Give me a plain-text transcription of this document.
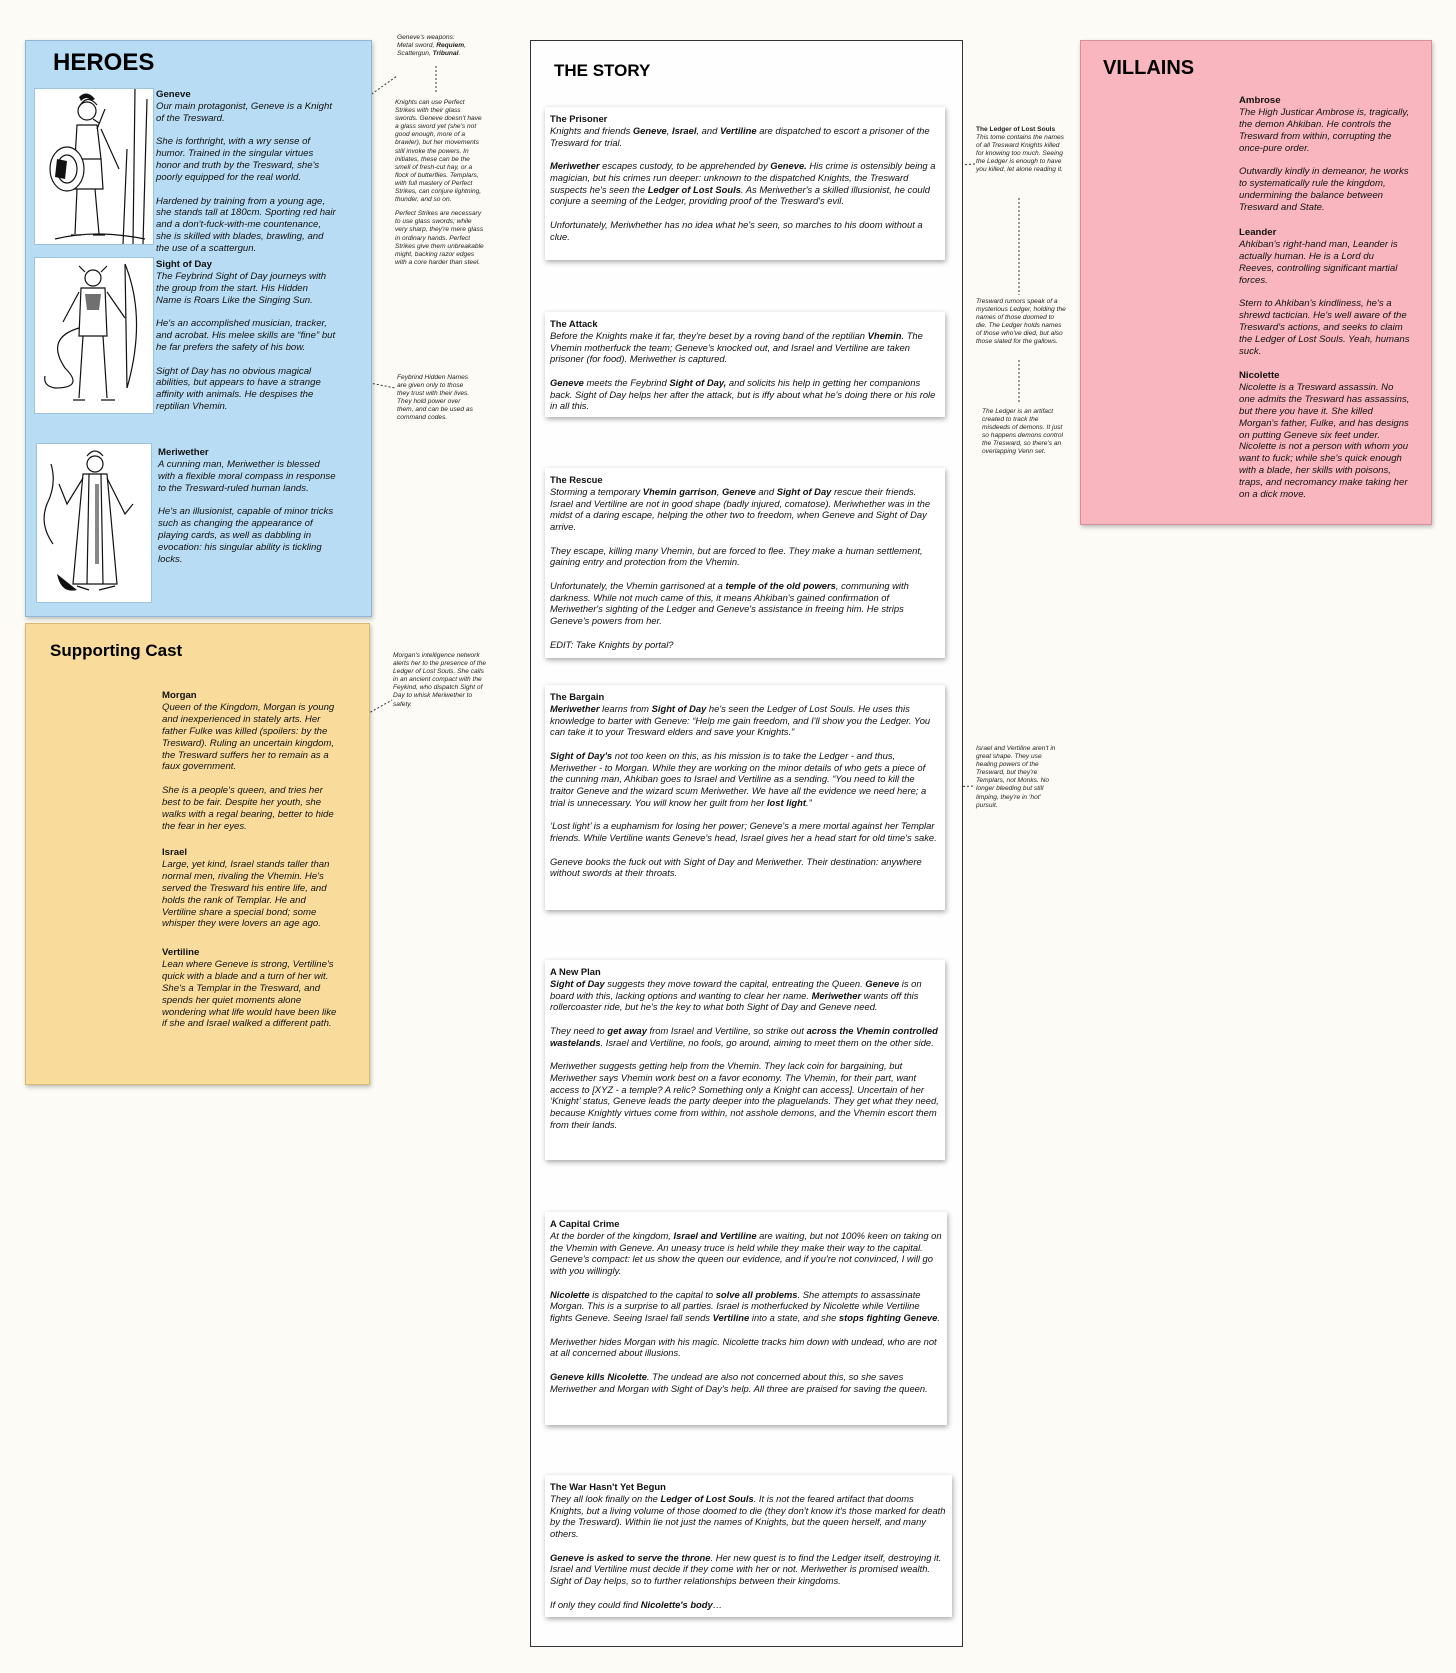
HEROES
Geneve

Our main protagonist, Geneve is a Knight of the Tresward.

She is forthright, with a wry sense of humor. Trained in the singular virtues honor and truth by the Tresward, she's poorly equipped for the real world.

Hardened by training from a young age, she stands tall at 180cm. Sporting red hair and a don't-fuck-with-me countenance, she is skilled with blades, brawling, and the use of a scattergun.

Sight of Day

The Feybrind Sight of Day journeys with the group from the start. His Hidden Name is Roars Like the Singing Sun.

He's an accomplished musician, tracker, and acrobat. His melee skills are “fine” but he far prefers the safety of his bow.

Sight of Day has no obvious magical abilities, but appears to have a strange affinity with animals. He despises the reptilian Vhemin.

Meriwether

A cunning man, Meriwether is blessed with a flexible moral compass in response to the Tresward-ruled human lands.

He's an illusionist, capable of minor tricks such as changing the appearance of playing cards, as well as dabbling in evocation: his singular ability is tickling locks.

Supporting Cast
Morgan

Queen of the Kingdom, Morgan is young and inexperienced in stately arts. Her father Fulke was killed (spoilers: by the Tresward). Ruling an uncertain kingdom, the Tresward suffers her to remain as a faux government.

She is a people's queen, and tries her best to be fair. Despite her youth, she walks with a regal bearing, better to hide the fear in her eyes.

Israel

Large, yet kind, Israel stands taller than normal men, rivaling the Vhemin. He's served the Tresward his entire life, and holds the rank of Templar. He and Vertiline share a special bond; some whisper they were lovers an age ago.

Vertiline

Lean where Geneve is strong, Vertiline's quick with a blade and a turn of her wit. She's a Templar in the Tresward, and spends her quiet moments alone wondering what life would have been like if she and Israel walked a different path.

VILLAINS
Ambrose

The High Justicar Ambrose is, tragically, the demon Ahkiban. He controls the Tresward from within, corrupting the once-pure order.

Outwardly kindly in demeanor, he works to systematically rule the kingdom, undermining the balance between Tresward and State.

Leander

Ahkiban's right-hand man, Leander is actually human. He is a Lord du Reeves, controlling significant martial forces.

Stern to Ahkiban's kindliness, he's a shrewd tactician. He's well aware of the Tresward's actions, and seeks to claim the Ledger of Lost Souls. Yeah, humans suck.

Nicolette

Nicolette is a Tresward assassin. No one admits the Tresward has assassins, but there you have it. She killed Morgan's father, Fulke, and has designs on putting Geneve six feet under. Nicolette is not a person with whom you want to fuck; while she's quick enough with a blade, her skills with poisons, traps, and necromancy make taking her on a dick move.

THE STORY
The Prisoner

Knights and friends Geneve, Israel, and Vertiline are dispatched to escort a prisoner of the Tresward for trial.

Meriwether escapes custody, to be apprehended by Geneve. His crime is ostensibly being a magician, but his crimes run deeper: unknown to the dispatched Knights, the Tresward suspects he's seen the Ledger of Lost Souls. As Meriwether's a skilled illusionist, he could conjure a seeming of the Ledger, providing proof of the Tresward's evil.

Unfortunately, Meriwhether has no idea what he's seen, so marches to his doom without a clue.

The Attack

Before the Knights make it far, they're beset by a roving band of the reptilian Vhemin. The Vhemin motherfuck the team; Geneve's knocked out, and Israel and Vertiline are taken prisoner (for food). Meriwether is captured.

Geneve meets the Feybrind Sight of Day, and solicits his help in getting her companions back. Sight of Day helps her after the attack, but is iffy about what he's doing there or his role in all this.

The Rescue

Storming a temporary Vhemin garrison, Geneve and Sight of Day rescue their friends. Israel and Vertiline are not in good shape (badly injured, comatose). Meriwhether was in the midst of a daring escape, helping the other two to freedom, when Geneve and Sight of Day arrive.

They escape, killing many Vhemin, but are forced to flee. They make a human settlement, gaining entry and protection from the Vhemin.

Unfortunately, the Vhemin garrisoned at a temple of the old powers, communing with darkness. While not much came of this, it means Ahkiban's gained confirmation of Meriwether's sighting of the Ledger and Geneve's assistance in freeing him. He strips Geneve's powers from her.

EDIT: Take Knights by portal?

The Bargain

Meriwether learns from Sight of Day he's seen the Ledger of Lost Souls. He uses this knowledge to barter with Geneve: “Help me gain freedom, and I'll show you the Ledger. You can take it to your Tresward elders and save your Knights.”

Sight of Day's not too keen on this, as his mission is to take the Ledger - and thus, Meriwether - to Morgan. While they are working on the minor details of who gets a piece of the cunning man, Ahkiban goes to Israel and Vertiline as a sending. “You need to kill the traitor Geneve and the wizard scum Meriwether. We have all the evidence we need here; a trial is unnecessary. You will know her guilt from her lost light.”

‘Lost light’ is a euphamism for losing her power; Geneve's a mere mortal against her Templar friends. While Vertiline wants Geneve's head, Israel gives her a head start for old time's sake.

Geneve books the fuck out with Sight of Day and Meriwether. Their destination: anywhere without swords at their throats.

A New Plan

Sight of Day suggests they move toward the capital, entreating the Queen. Geneve is on board with this, lacking options and wanting to clear her name. Meriwether wants off this rollercoaster ride, but he's the key to what both Sight of Day and Geneve need.

They need to get away from Israel and Vertiline, so strike out across the Vhemin controlled wastelands. Israel and Vertiline, no fools, go around, aiming to meet them on the other side.

Meriwether suggests getting help from the Vhemin. They lack coin for bargaining, but Meriwether says Vhemin work best on a favor economy. The Vhemin, for their part, want access to [XYZ - a temple? A relic? Something only a Knight can access]. Uncertain of her ‘Knight’ status, Geneve leads the party deeper into the plaguelands. They get what they need, because Knightly virtues come from within, not asshole demons, and the Vhemin escort them from their lands.

A Capital Crime

At the border of the kingdom, Israel and Vertiline are waiting, but not 100% keen on taking on the Vhemin with Geneve. An uneasy truce is held while they make their way to the capital. Geneve's compact: let us show the queen our evidence, and if you're not convinced, I will go with you willingly.

Nicolette is dispatched to the capital to solve all problems. She attempts to assassinate Morgan. This is a surprise to all parties. Israel is motherfucked by Nicolette while Vertiline fights Geneve. Seeing Israel fall sends Vertiline into a state, and she stops fighting Geneve.

Meriwether hides Morgan with his magic. Nicolette tracks him down with undead, who are not at all concerned about illusions.

Geneve kills Nicolette. The undead are also not concerned about this, so she saves Meriwether and Morgan with Sight of Day's help. All three are praised for saving the queen.

The War Hasn't Yet Begun

They all look finally on the Ledger of Lost Souls. It is not the feared artifact that dooms Knights, but a living volume of those doomed to die (they don't know it's those marked for death by the Tresward). Within lie not just the names of Knights, but the queen herself, and many others.

Geneve is asked to serve the throne. Her new quest is to find the Ledger itself, destroying it. Israel and Vertiline must decide if they come with her or not. Meriwether is promised wealth. Sight of Day helps, so to further relationships between their kingdoms.

If only they could find Nicolette's body…

Geneve's weapons:
Metal sword, Requiem, Scattergun, Tribunal.

Knights can use Perfect Strikes with their glass swords. Geneve doesn't have a glass sword yet (she's not good enough, more of a brawler), but her movements still invoke the powers. In initiates, these can be the smell of fresh-cut hay, or a flock of butterflies. Templars, with full mastery of Perfect Strikes, can conjure lightning, thunder, and so on.

Perfect Strikes are necessary to use glass swords; while very sharp, they're mere glass in ordinary hands. Perfect Strikes give them unbreakable might, backing razor edges with a core harder than steel.

Feybrind Hidden Names are given only to those they trust with their lives. They hold power over them, and can be used as command codes.
Morgan's intelligence network alerts her to the presence of the Ledger of Lost Souls. She calls in an ancient compact with the Feykind, who dispatch Sight of Day to whisk Meriwether to safety.
The Ledger of Lost Souls
This tome contains the names of all Tresward Knights killed for knowing too much. Seeing the Ledger is enough to have you killed, let alone reading it.
Tresward rumors speak of a mysterious Ledger, holding the names of those doomed to die. The Ledger holds names of those who've died, but also those slated for the gallows.
The Ledger is an artifact created to track the misdeeds of demons. It just so happens demons control the Tresward, so there's an overlapping Venn set.
Israel and Vertiline aren't in great shape. They use healing powers of the Tresward, but they're Templars, not Monks. No longer bleeding but still limping, they're in ‘hot’ pursuit.
